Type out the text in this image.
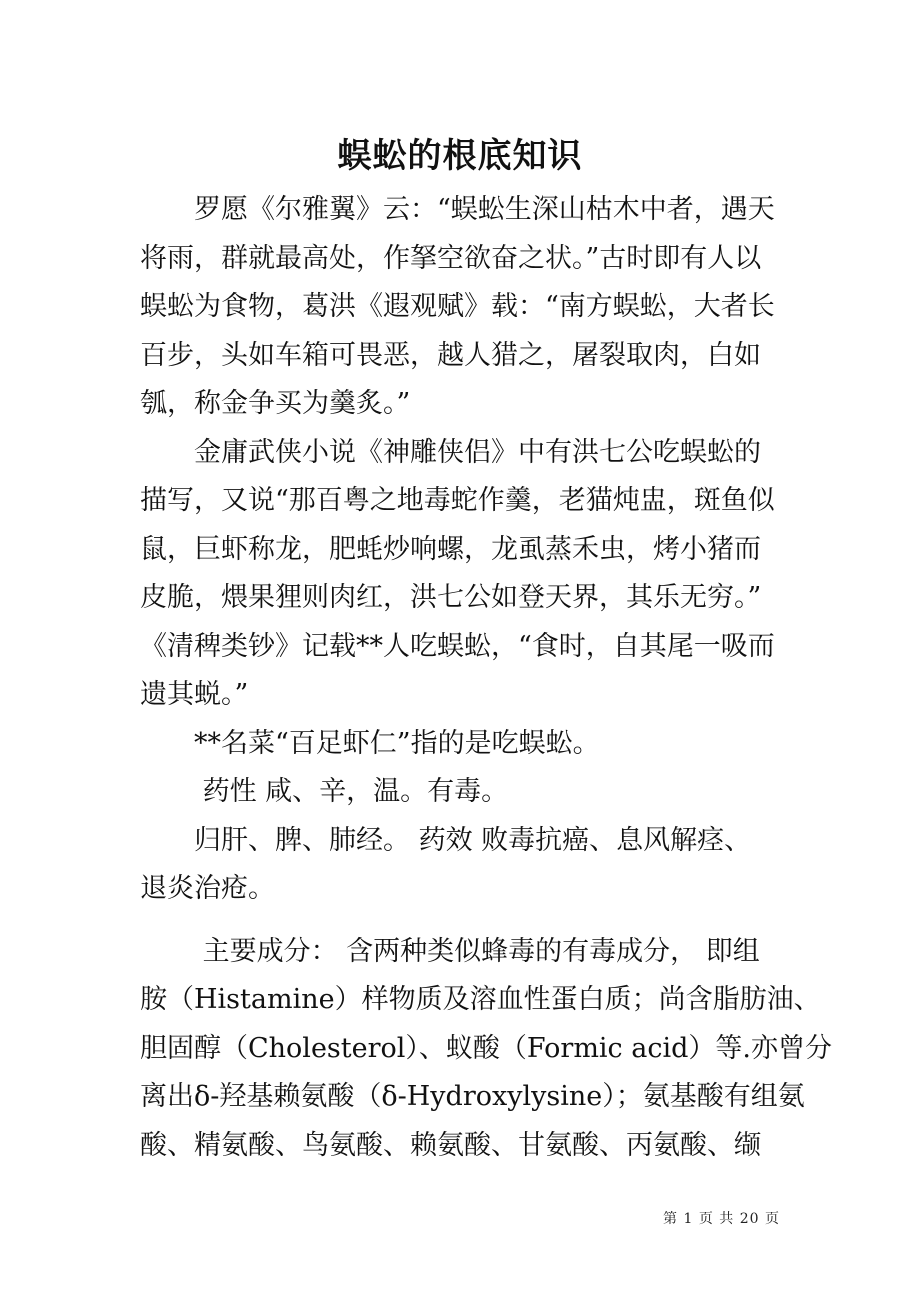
蜈蚣的根底知识
　　罗愿《尔雅翼》云：“蜈蚣生深山枯木中者，遇天
将雨，群就最高处，作拏空欲奋之状。”古时即有人以
蜈蚣为食物，葛洪《遐观赋》载：“南方蜈蚣，大者长
百步，头如车箱可畏恶，越人猎之，屠裂取肉，白如
瓠，称金争买为羹炙。”
　　金庸武侠小说《神雕侠侣》中有洪七公吃蜈蚣的
描写，又说“那百粤之地毒蛇作羹，老猫炖盅，斑鱼似
鼠，巨虾称龙，肥蚝炒响螺，龙虱蒸禾虫，烤小猪而
皮脆，煨果狸则肉红，洪七公如登天界，其乐无穷。”
《清稗类钞》记载**人吃蜈蚣，“食时，自其尾一吸而
遗其蜕。”
　　**名菜“百足虾仁”指的是吃蜈蚣。
　　 药性 咸、辛，温。有毒。
　　归肝、脾、肺经。 药效 败毒抗癌、息风解痉、
退炎治疮。
　　 主要成分： 含两种类似蜂毒的有毒成分， 即组
胺（Histamine）样物质及溶血性蛋白质；尚含脂肪油、
胆固醇（Cholesterol）、蚁酸（Formic acid）等.亦曾分
离出δ-羟基赖氨酸（δ-Hydroxylysine）；氨基酸有组氨
酸、精氨酸、鸟氨酸、赖氨酸、甘氨酸、丙氨酸、缬
第 1 页 共 20 页
